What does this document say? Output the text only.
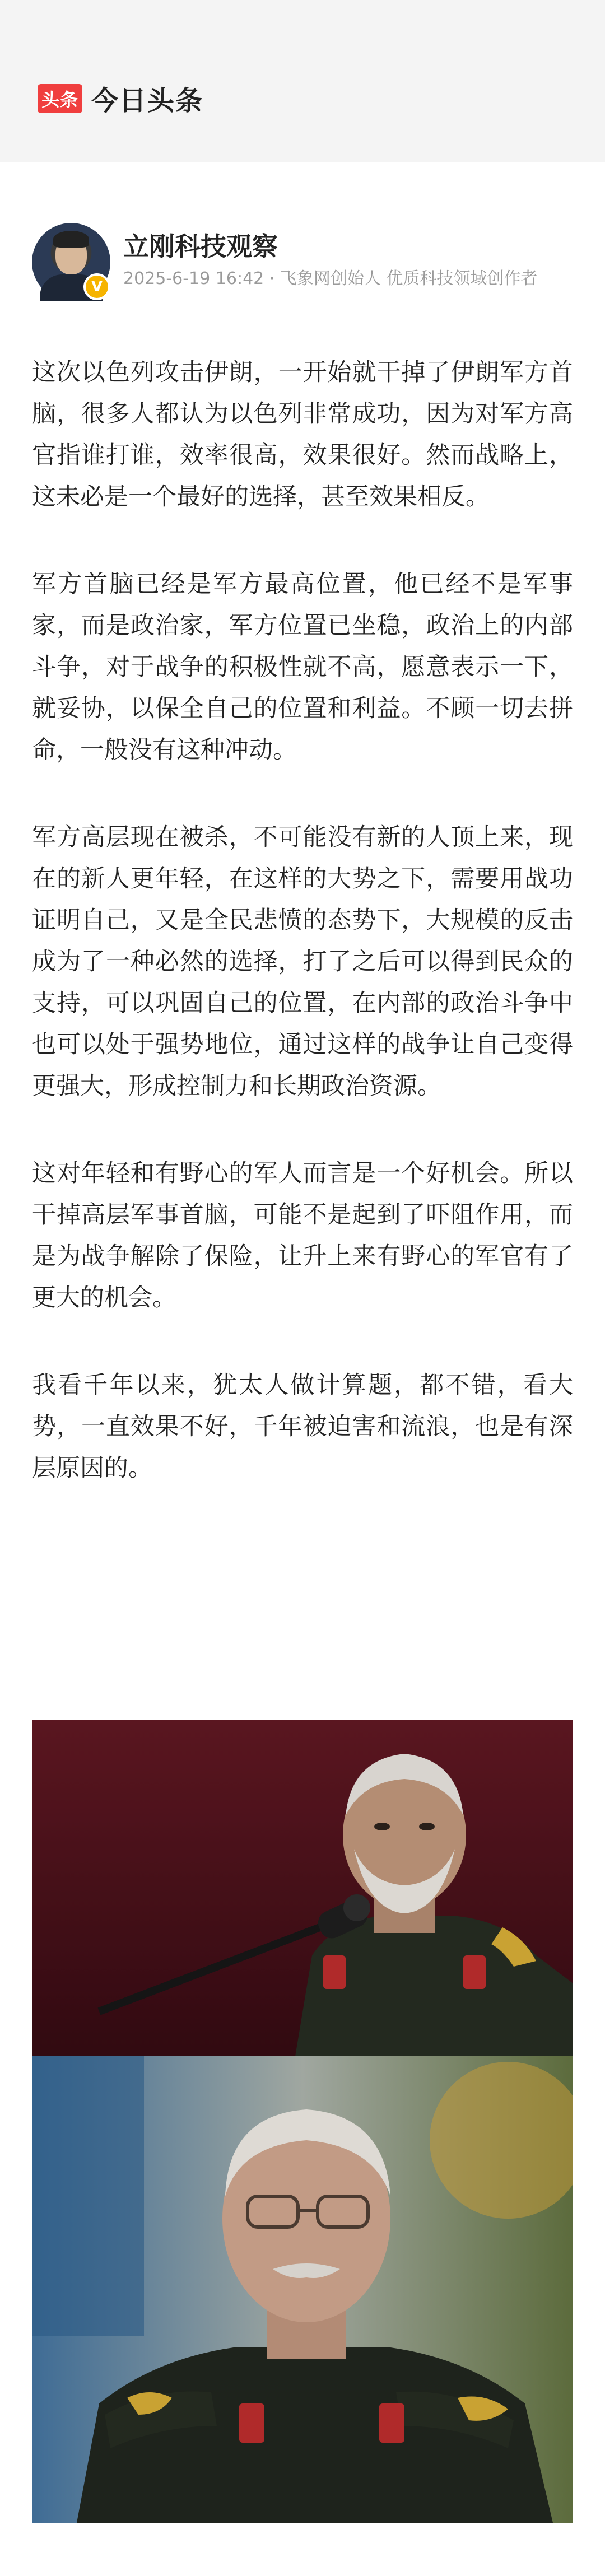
头条 今日头条
V
立刚科技观察
2025-6-19 16:42 · 飞象网创始人 优质科技领域创作者

这次以色列攻击伊朗，一开始就干掉了伊朗军方首脑，很多人都认为以色列非常成功，因为对军方高官指谁打谁，效率很高，效果很好。然而战略上，这未必是一个最好的选择，甚至效果相反。

军方首脑已经是军方最高位置，他已经不是军事家，而是政治家，军方位置已坐稳，政治上的内部斗争，对于战争的积极性就不高，愿意表示一下，就妥协，以保全自己的位置和利益。不顾一切去拼命，一般没有这种冲动。

军方高层现在被杀，不可能没有新的人顶上来，现在的新人更年轻，在这样的大势之下，需要用战功证明自己，又是全民悲愤的态势下，大规模的反击成为了一种必然的选择，打了之后可以得到民众的支持，可以巩固自己的位置，在内部的政治斗争中也可以处于强势地位，通过这样的战争让自己变得更强大，形成控制力和长期政治资源。

这对年轻和有野心的军人而言是一个好机会。所以干掉高层军事首脑，可能不是起到了吓阻作用，而是为战争解除了保险，让升上来有野心的军官有了更大的机会。

我看千年以来，犹太人做计算题，都不错，看大势，一直效果不好，千年被迫害和流浪，也是有深层原因的。
